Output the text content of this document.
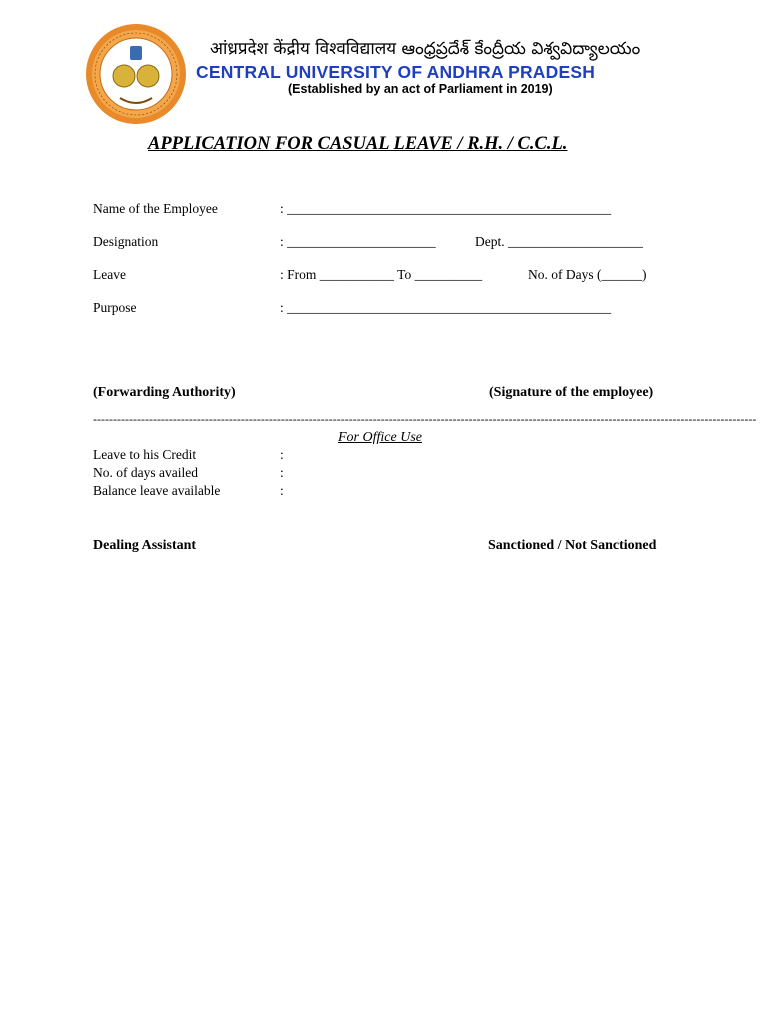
आंध्रप्रदेश केंद्रीय विश्वविद्यालय ఆంధ్రప్రదేశ్ కేంద్రీయ విశ్వవిద్యాలయం
CENTRAL UNIVERSITY OF ANDHRA PRADESH
(Established by an act of Parliament in 2019)
APPLICATION FOR CASUAL LEAVE / R.H. / C.C.L.
Name of the Employee	: ________________________________________________
Designation	: ______________________	Dept. ____________________
Leave	: From ___________ To __________	No. of Days (______)
Purpose	: ________________________________________________
(Forwarding Authority)	(Signature of the employee)
----------------------------------------------------------------------------------------------------------------------------------------------------------------------
For Office Use
Leave to his Credit	:
No. of days availed	:
Balance leave available	:
Dealing Assistant	Sanctioned / Not Sanctioned
